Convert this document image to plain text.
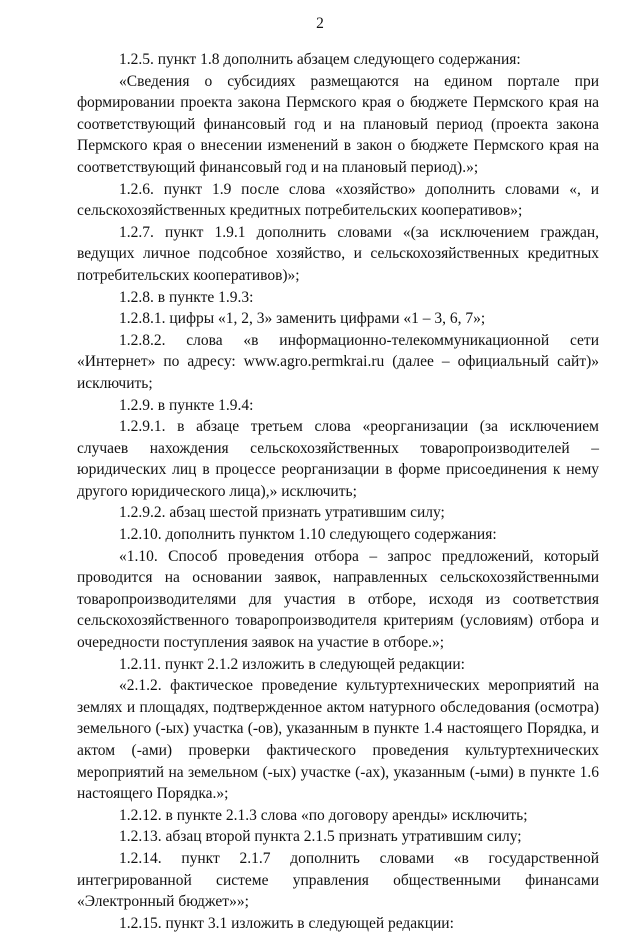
2

1.2.5. пункт 1.8 дополнить абзацем следующего содержания:

«Сведения о субсидиях размещаются на едином портале при формировании проекта закона Пермского края о бюджете Пермского края на соответствующий финансовый год и на плановый период (проекта закона Пермского края о внесении изменений в закон о бюджете Пермского края на соответствующий финансовый год и на плановый период).»;

1.2.6. пункт 1.9 после слова «хозяйство» дополнить словами «, и сельскохозяйственных кредитных потребительских кооперативов»;

1.2.7. пункт 1.9.1 дополнить словами «(за исключением граждан, ведущих личное подсобное хозяйство, и сельскохозяйственных кредитных потребительских кооперативов)»;

1.2.8. в пункте 1.9.3:

1.2.8.1. цифры «1, 2, 3» заменить цифрами «1 – 3, 6, 7»;

1.2.8.2. слова «в информационно-телекоммуникационной сети «Интернет» по адресу: www.agro.permkrai.ru (далее – официальный сайт)» исключить;

1.2.9. в пункте 1.9.4:

1.2.9.1. в абзаце третьем слова «реорганизации (за исключением случаев нахождения сельскохозяйственных товаропроизводителей – юридических лиц в процессе реорганизации в форме присоединения к нему другого юридического лица),» исключить;

1.2.9.2. абзац шестой признать утратившим силу;

1.2.10. дополнить пунктом 1.10 следующего содержания:

«1.10. Способ проведения отбора – запрос предложений, который проводится на основании заявок, направленных сельскохозяйственными товаропроизводителями для участия в отборе, исходя из соответствия сельскохозяйственного товаропроизводителя критериям (условиям) отбора и очередности поступления заявок на участие в отборе.»;

1.2.11. пункт 2.1.2 изложить в следующей редакции:

«2.1.2. фактическое проведение культуртехнических мероприятий на землях и площадях, подтвержденное актом натурного обследования (осмотра) земельного (-ых) участка (-ов), указанным в пункте 1.4 настоящего Порядка, и актом (-ами) проверки фактического проведения культуртехнических мероприятий на земельном (-ых) участке (-ах), указанным (-ыми) в пункте 1.6 настоящего Порядка.»;

1.2.12. в пункте 2.1.3 слова «по договору аренды» исключить;

1.2.13. абзац второй пункта 2.1.5 признать утратившим силу;

1.2.14. пункт 2.1.7 дополнить словами «в государственной интегрированной системе управления общественными финансами «Электронный бюджет»»;

1.2.15. пункт 3.1 изложить в следующей редакции:
